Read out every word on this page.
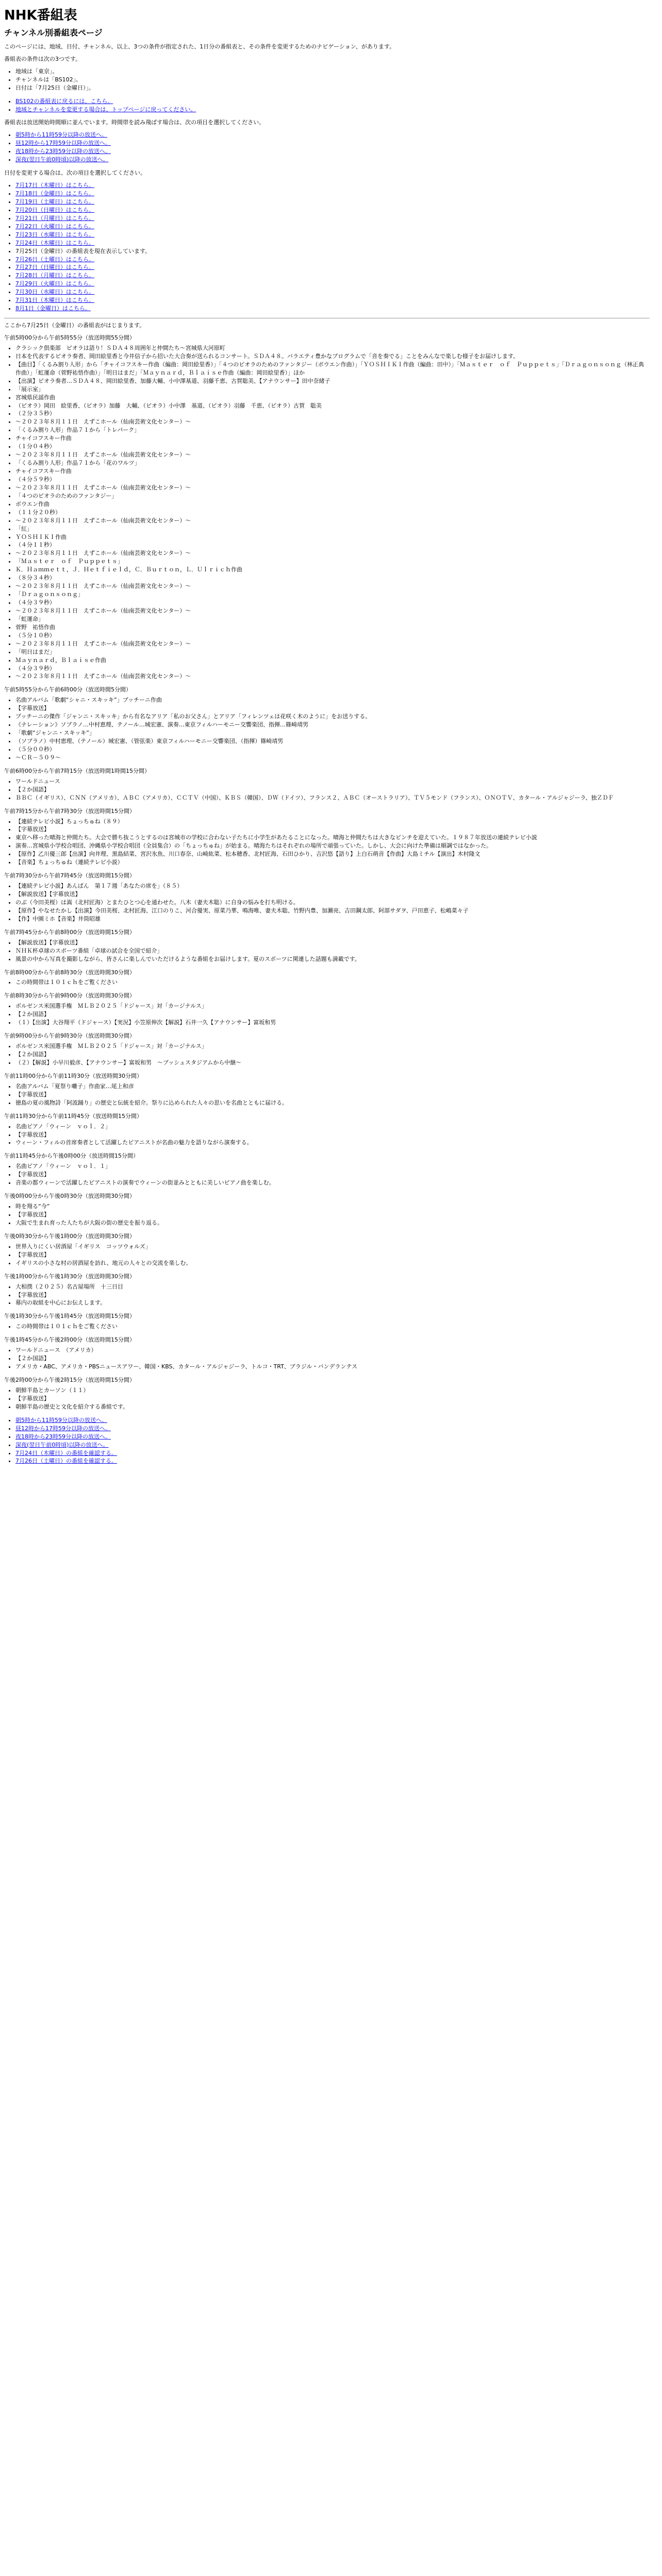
NHK番組表
チャンネル別番組表ページ

このページには、地域、日付、チャンネル、以上、3つの条件が指定された、1日分の番組表と、その条件を変更するためのナビゲーション、があります。

番組表の条件は次の3つです。

• 地域は「東京」。
• チャンネルは「BS102」。
• 日付は「7月25日（金曜日）」。
• BS102の番組表に戻るには、こちら。
• 地域とチャンネルを変更する場合は、トップページに戻ってください。

番組表は放送開始時間順に並んでいます。時間帯を読み飛ばす場合は、次の項目を選択してください。

• 朝5時から11時59分以降の放送へ。
• 昼12時から17時59分以降の放送へ。
• 夜18時から23時59分以降の放送へ。
• 深夜(翌日午前0時頃)以降の放送へ。

日付を変更する場合は、次の項目を選択してください。

• 7月17日（木曜日）はこちら。
• 7月18日（金曜日）はこちら。
• 7月19日（土曜日）はこちら。
• 7月20日（日曜日）はこちら。
• 7月21日（月曜日）はこちら。
• 7月22日（火曜日）はこちら。
• 7月23日（水曜日）はこちら。
• 7月24日（木曜日）はこちら。
• 7月25日（金曜日）の番組表を現在表示しています。
• 7月26日（土曜日）はこちら。
• 7月27日（日曜日）はこちら。
• 7月28日（月曜日）はこちら。
• 7月29日（火曜日）はこちら。
• 7月30日（水曜日）はこちら。
• 7月31日（木曜日）はこちら。
• 8月1日（金曜日）はこちら。

ここから7月25日（金曜日）の番組表がはじまります。

午前5時00分から午前5時55分（放送時間55分間）
• クラシック倶楽部　ピオラは語り！ＳＤＡ４８周囲年と仲間たち～宮城県大河原町
• 日本を代表するピオラ奏者、岡田絵里香と今井信子から招いた大合奏が送られるコンサート。ＳＤＡ４８。バラエティ豊かなプログラムで「音を奏でる」ことをみんなで楽しむ様子をお届けします。
• 【曲目】「くるみ割り人形」から「チャイコフスキー作曲（編曲：岡田絵里香）」「４つのピオラのためのファンタジー（ボウエン作曲）」「ＹＯＳＨＩＫＩ作曲（編曲：田中）」「Ｍａｓｔｅｒ　ｏｆ　Ｐｕｐｐｅｔｓ」「Ｄｒａｇｏｎｓｏｎｇ（林正典作曲）」「虹運命（菅野祐悟作曲）」「明日はまだ」「Ｍａｙｎａｒｄ，Ｂｌａｉｓｅ作曲（編曲：岡田絵里香）」ほか
• 【出演】ピオラ奏者…ＳＤＡ４８、岡田絵里香、加藤大輔、小中澤基道、羽藤千恵、古賀聡美、【アナウンサー】田中奈緒子
• 「展示室」
• 宮城県民謡作曲
• （ピオラ）岡田　絵里香、（ピオラ）加藤　大輔、（ピオラ）小中澤　基道、（ピオラ）羽藤　千恵、（ピオラ）古賀　聡美
• （２分３５秒）
• ～２０２３年８月１１日　えずこホール（仙南芸術文化センター）～
• 「くるみ割り人形」作品７１から「トレパーク」
• チャイコフスキー作曲
• （１分０４秒）
• ～２０２３年８月１１日　えずこホール（仙南芸術文化センター）～
• 「くるみ割り人形」作品７１から「花のワルツ」
• チャイコフスキー作曲
• （４分５９秒）
• ～２０２３年８月１１日　えずこホール（仙南芸術文化センター）～
• 「４つのピオラのためのファンタジー」
• ボウエン作曲
• （１１分２０秒）
• ～２０２３年８月１１日　えずこホール（仙南芸術文化センター）～
• 「紅」
• ＹＯＳＨＩＫＩ作曲
• （４分１１秒）
• ～２０２３年８月１１日　えずこホール（仙南芸術文化センター）～
• 「Ｍａｓｔｅｒ　ｏｆ　Ｐｕｐｐｅｔｓ」
• Ｋ．Ｈａｍｍｅｔｔ，Ｊ．Ｈｅｔｆｉｅｌｄ，Ｃ．Ｂｕｒｔｏｎ，Ｌ．Ｕｌｒｉｃｈ作曲
• （８分３４秒）
• ～２０２３年８月１１日　えずこホール（仙南芸術文化センター）～
• 「Ｄｒａｇｏｎｓｏｎｇ」
• （４分３９秒）
• ～２０２３年８月１１日　えずこホール（仙南芸術文化センター）～
• 「虹運命」
• 菅野　祐悟作曲
• （５分１０秒）
• ～２０２３年８月１１日　えずこホール（仙南芸術文化センター）～
• 「明日はまだ」
• Ｍａｙｎａｒｄ，Ｂｌａｉｓｅ作曲
• （４分３９秒）
• ～２０２３年８月１１日　えずこホール（仙南芸術文化センター）～
午前5時55分から午前6時00分（放送時間5分間）
• 名曲アルバム「歌劇“シャニ・スキッキ”」プッチーニ作曲
• 【字幕放送】
• プッチーニの傑作「ジャンニ・スキッキ」から有名なアリア「私のお父さん」とアリア「フィレンツェは花咲く木のように」をお送りする。
• 《ナレーション》ソプラノ…中村恵理、テノール…城宏憲、演奏…東京フィルハーモニー交響楽団、指揮…篠崎靖男
• 「歌劇“ジャンニ・スキッキ”」
• （ソプラノ）中村恵理、（テノール）城宏憲、（管弦楽）東京フィルハーモニー交響楽団、（指揮）篠崎靖男
• （５分００秒）
• ～ＣＲ－５０９～
午前6時00分から午前7時15分（放送時間1時間15分間）
• ワールドニュース
• 【２か国語】
• ＢＢＣ（イギリス）、ＣＮＮ（アメリカ）、ＡＢＣ（アメリカ）、ＣＣＴＶ（中国）、ＫＢＳ（韓国）、ＤＷ（ドイツ）、フランス２、ＡＢＣ（オーストラリア）、ＴＶ５モンド（フランス）、ＯＮＯＴＶ、カタール・アルジャジーラ、独ＺＤＦ
午前7時15分から午前7時30分（放送時間15分間）
• 【連続テレビ小説】ちょっちゅね（８９）
• 【字幕放送】
• 東京へ移った晴海と仲間たち。大会で勝ち抜こうとするのは宮城市の学校に合わない子たちに小学生があたることになった。晴海と仲間たちは大きなピンチを迎えていた。１９８７年放送の連続テレビ小説
• 演奏…宮城県小学校合唱団、沖縄県小学校合唱団（全員集合）の「ちょっちゅね」が始まる。晴海たちはそれぞれの場所で頑張っていた。しかし、大会に向けた準備は順調ではなかった。
• 【原作】乙川優三郎【出演】向井理、黒島結菜、宮沢氷魚、川口春奈、山崎紘菜、松本穂香、北村匠海、石田ひかり、吉沢悠【語り】上白石萌音【作曲】大島ミチル【演出】木村隆文
• 【音楽】ちょっちゅね（連続テレビ小説）
午前7時30分から午前7時45分（放送時間15分間）
• 【連続テレビ小説】あんぱん　第１７週「あなたの席を」（８５）
• 【解説放送】【字幕放送】
• のぶ（今田美桜）は嵩（北村匠海）とまたひとつ心を通わせた。八木（妻夫木聡）に自身の悩みを打ち明ける。
• 【原作】やなせたかし【出演】今田美桜、北村匠海、江口のりこ、河合優実、原菜乃華、鳴海唯、妻夫木聡、竹野内豊、加瀬亮、吉田鋼太郎、阿部サダヲ、戸田恵子、松嶋菜々子
• 【作】中園ミホ【音楽】井筒昭雄
午前7時45分から午前8時00分（放送時間15分間）
• 【解説放送】【字幕放送】
• ＮＨＫ杯卓球のスポーツ番組「卓球の試合を全国で紹介」
• 風景の中から写真を撮影しながら、皆さんに楽しんでいただけるような番組をお届けします。夏のスポーツに関連した話題も満載です。
午前8時00分から午前8時30分（放送時間30分間）
• この時間帯は１０１ｃｈをご覧ください
午前8時30分から午前9時00分（放送時間30分間）
• ボルゼンス米国選手権　ＭＬＢ２０２５「ドジャース」対「カージナルス」
• 【２か国語】
• （１）【出演】大谷翔平（ドジャース）【実況】小笠原伸次【解説】石井一久【アナウンサー】富坂和男
午前9時00分から午前9時30分（放送時間30分間）
• ボルゼンス米国選手権　ＭＬＢ２０２５「ドジャース」対「カージナルス」
• 【２か国語】
• （２）【解説】小早川毅彦、【アナウンサー】富坂和男　～ブッシュスタジアムから中継～
午前11時00分から午前11時30分（放送時間30分間）
• 名曲アルバム「夏祭り囃子」作曲家…尾上和彦
• 【字幕放送】
• 徳島の夏の風物詩「阿波踊り」の歴史と伝統を紹介。祭りに込められた人々の思いを名曲とともに届ける。
午前11時30分から午前11時45分（放送時間15分間）
• 名曲ピアノ「ウィーン　ｖｏｌ．２」
• 【字幕放送】
• ウィーン・フィルの首席奏者として活躍したピアニストが名曲の魅力を語りながら演奏する。
午前11時45分から午後0時00分（放送時間15分間）
• 名曲ピアノ「ウィーン　ｖｏｌ．１」
• 【字幕放送】
• 音楽の都ウィーンで活躍したピアニストの演奏でウィーンの街並みとともに美しいピアノ曲を楽しむ。
午後0時00分から午後0時30分（放送時間30分間）
• 時を翔る“今”
• 【字幕放送】
• 大阪で生まれ育った人たちが大阪の街の歴史を振り返る。
午後0時30分から午後1時00分（放送時間30分間）
• 世界入りにくい居酒屋「イギリス　コッツウォルズ」
• 【字幕放送】
• イギリスの小さな村の居酒屋を訪れ、地元の人々との交流を楽しむ。
午後1時00分から午後1時30分（放送時間30分間）
• 大相撲（２０２５）名古屋場所　十三日目
• 【字幕放送】
• 幕内の取組を中心にお伝えします。
午後1時30分から午後1時45分（放送時間15分間）
• この時間帯は１０１ｃｈをご覧ください
午後1時45分から午後2時00分（放送時間15分間）
• ワールドニュース　（アメリカ）
• 【２か国語】
• アメリカ・ABC、アメリカ・PBSニュースアワー、韓国・KBS、カタール・アルジャジーラ、トルコ・TRT、ブラジル・バンデランテス
午後2時00分から午後2時15分（放送時間15分間）
• 朝鮮半島とカーソン（１１）
• 【字幕放送】
• 朝鮮半島の歴史と文化を紹介する番組です。
• 朝5時から11時59分以降の放送へ。
• 昼12時から17時59分以降の放送へ。
• 夜18時から23時59分以降の放送へ。
• 深夜(翌日午前0時頃)以降の放送へ。
• 7月24日（木曜日）の番組を確認する。
• 7月26日（土曜日）の番組を確認する。
